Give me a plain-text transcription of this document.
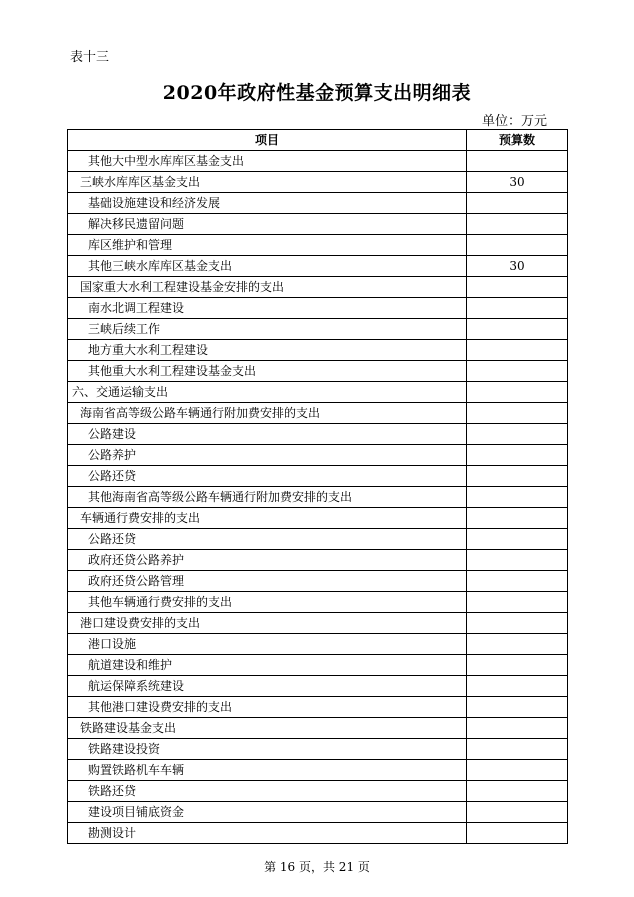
表十三
2020年政府性基金预算支出明细表
单位：万元
项目	预算数
其他大中型水库库区基金支出	
三峡水库库区基金支出	30
基础设施建设和经济发展	
解决移民遗留问题	
库区维护和管理	
其他三峡水库库区基金支出	30
国家重大水利工程建设基金安排的支出	
南水北调工程建设	
三峡后续工作	
地方重大水利工程建设	
其他重大水利工程建设基金支出	
六、交通运输支出	
海南省高等级公路车辆通行附加费安排的支出	
公路建设	
公路养护	
公路还贷	
其他海南省高等级公路车辆通行附加费安排的支出	
车辆通行费安排的支出	
公路还贷	
政府还贷公路养护	
政府还贷公路管理	
其他车辆通行费安排的支出	
港口建设费安排的支出	
港口设施	
航道建设和维护	
航运保障系统建设	
其他港口建设费安排的支出	
铁路建设基金支出	
铁路建设投资	
购置铁路机车车辆	
铁路还贷	
建设项目铺底资金	
勘测设计	
第 16 页，共 21 页
